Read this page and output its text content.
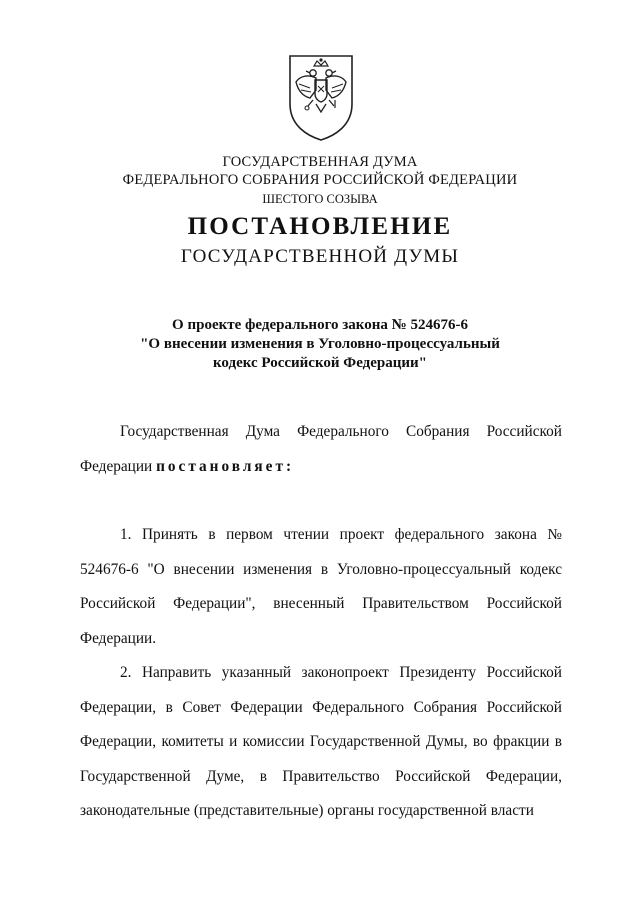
ГОСУДАРСТВЕННАЯ ДУМА
ФЕДЕРАЛЬНОГО СОБРАНИЯ РОССИЙСКОЙ ФЕДЕРАЦИИ
ШЕСТОГО СОЗЫВА
ПОСТАНОВЛЕНИЕ
ГОСУДАРСТВЕННОЙ ДУМЫ
О проекте федерального закона № 524676-6
"О внесении изменения в Уголовно-процессуальный
кодекс Российской Федерации"

Государственная Дума Федерального Собрания Российской Федерации постановляет:

1. Принять в первом чтении проект федерального закона № 524676-6 "О внесении изменения в Уголовно-процессуальный кодекс Российской Федерации", внесенный Правительством Российской Федерации.

2. Направить указанный законопроект Президенту Российской Федерации, в Совет Федерации Федерального Собрания Российской Федерации, комитеты и комиссии Государственной Думы, во фракции в Государственной Думе, в Правительство Российской Федерации, законодательные (представительные) органы государственной власти
